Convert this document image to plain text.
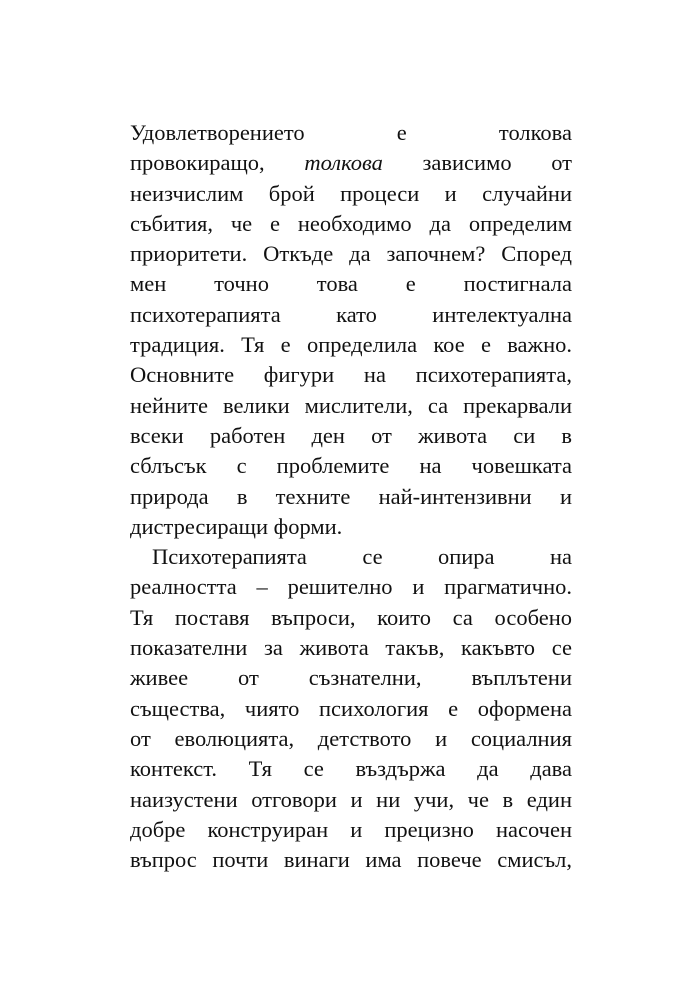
Удовлетворението е толкова
провокиращо, толкова зависимо от
неизчислим брой процеси и случайни
събития, че е необходимо да определим
приоритети. Откъде да започнем? Според
мен точно това е постигнала
психотерапията като интелектуална
традиция. Тя е определила кое е важно.
Основните фигури на психотерапията,
нейните велики мислители, са прекарвали
всеки работен ден от живота си в
сблъсък с проблемите на човешката
природа в техните най-интензивни и
дистресиращи форми.
Психотерапията се опира на
реалността – решително и прагматично.
Тя поставя въпроси, които са особено
показателни за живота такъв, какъвто се
живее от съзнателни, въплътени
същества, чиято психология е оформена
от еволюцията, детството и социалния
контекст. Тя се въздържа да дава
наизустени отговори и ни учи, че в един
добре конструиран и прецизно насочен
въпрос почти винаги има повече смисъл,
